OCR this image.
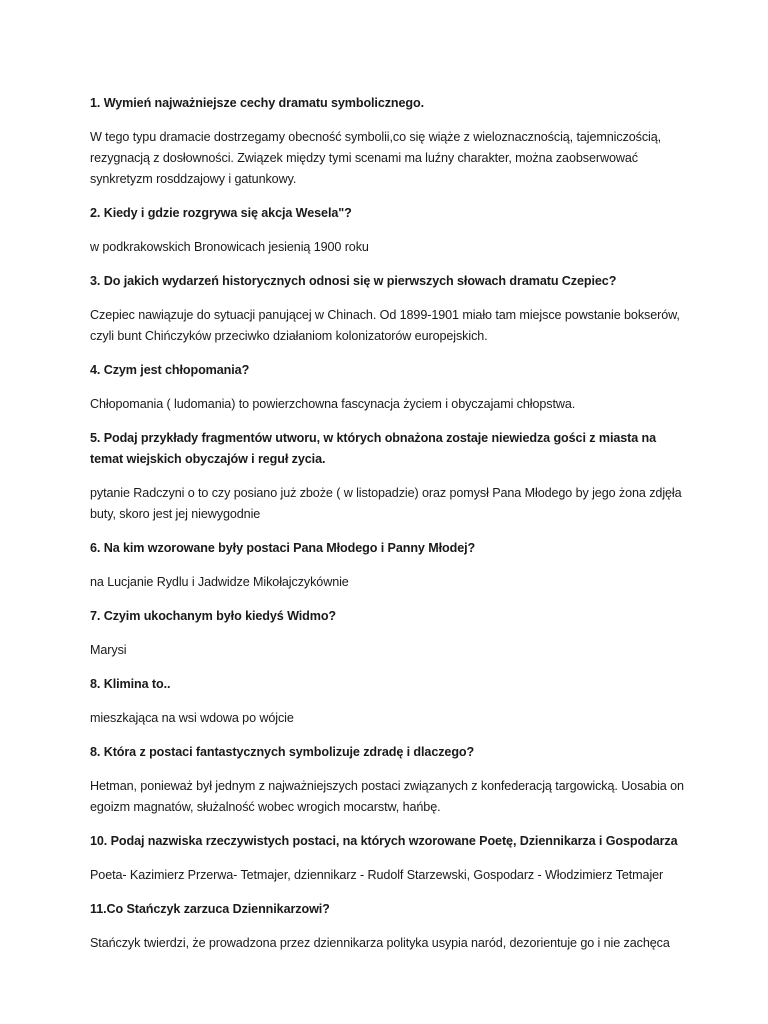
1. Wymień najważniejsze cechy dramatu symbolicznego.

W tego typu dramacie dostrzegamy obecność symbolii,co się wiąże z wieloznacznością, tajemniczością, rezygnacją z dosłowności. Związek między tymi scenami ma luźny charakter, można zaobserwować synkretyzm rosddzajowy i gatunkowy.

2. Kiedy i gdzie rozgrywa się akcja Wesela"?

w podkrakowskich Bronowicach jesienią 1900 roku

3. Do jakich wydarzeń historycznych odnosi się w pierwszych słowach dramatu Czepiec?

Czepiec nawiązuje do sytuacji panującej w Chinach. Od 1899-1901 miało tam miejsce powstanie bokserów, czyli bunt Chińczyków przeciwko działaniom kolonizatorów europejskich.

4. Czym jest chłopomania?

Chłopomania ( ludomania) to powierzchowna fascynacja życiem i obyczajami chłopstwa.

5. Podaj przykłady fragmentów utworu, w których obnażona zostaje niewiedza gości z miasta na temat wiejskich obyczajów i reguł zycia.

pytanie Radczyni o to czy posiano już zboże ( w listopadzie) oraz pomysł Pana Młodego by jego żona zdjęła buty, skoro jest jej niewygodnie

6. Na kim wzorowane były postaci Pana Młodego i Panny Młodej?

na Lucjanie Rydlu i Jadwidze Mikołajczykównie

7. Czyim ukochanym było kiedyś Widmo?

Marysi

8. Klimina to..

mieszkająca na wsi wdowa po wójcie

8. Która z postaci fantastycznych symbolizuje zdradę i dlaczego?

Hetman, ponieważ był jednym z najważniejszych postaci związanych z konfederacją targowicką. Uosabia on egoizm magnatów, służalność wobec wrogich mocarstw, hańbę.

10. Podaj nazwiska rzeczywistych postaci, na których wzorowane Poetę, Dziennikarza i Gospodarza

Poeta- Kazimierz Przerwa- Tetmajer, dziennikarz - Rudolf Starzewski, Gospodarz - Włodzimierz Tetmajer

11.Co Stańczyk zarzuca Dziennikarzowi?

Stańczyk twierdzi, że prowadzona przez dziennikarza polityka usypia naród, dezorientuje go i nie zachęca
